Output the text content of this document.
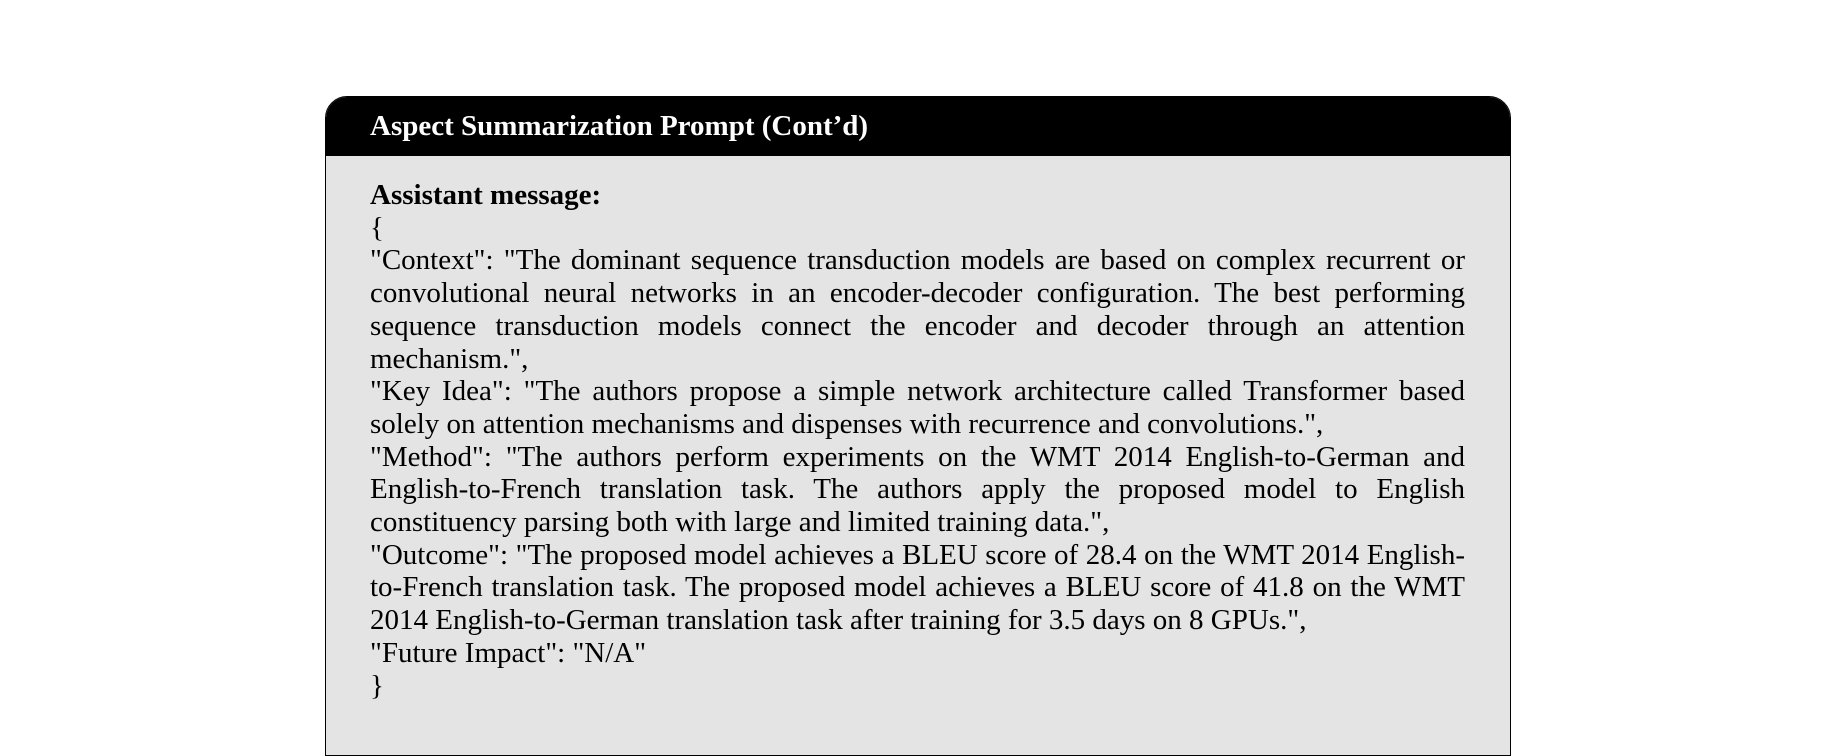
Aspect Summarization Prompt (Cont’d)
Assistant message:
{
"Context": "The dominant sequence transduction models are based on complex recurrent or convolutional neural networks in an encoder-decoder configuration. The best performing sequence transduction models connect the encoder and decoder through an attention mechanism.",
"Key Idea": "The authors propose a simple network architecture called Transformer based solely on attention mechanisms and dispenses with recurrence and convolutions.",
"Method": "The authors perform experiments on the WMT 2014 English-to-German and English-to-French translation task. The authors apply the proposed model to English constituency parsing both with large and limited training data.",
"Outcome": "The proposed model achieves a BLEU score of 28.4 on the WMT 2014 English-to-French translation task. The proposed model achieves a BLEU score of 41.8 on the WMT 2014 English-to-German translation task after training for 3.5 days on 8 GPUs.",
"Future Impact": "N/A"
}
